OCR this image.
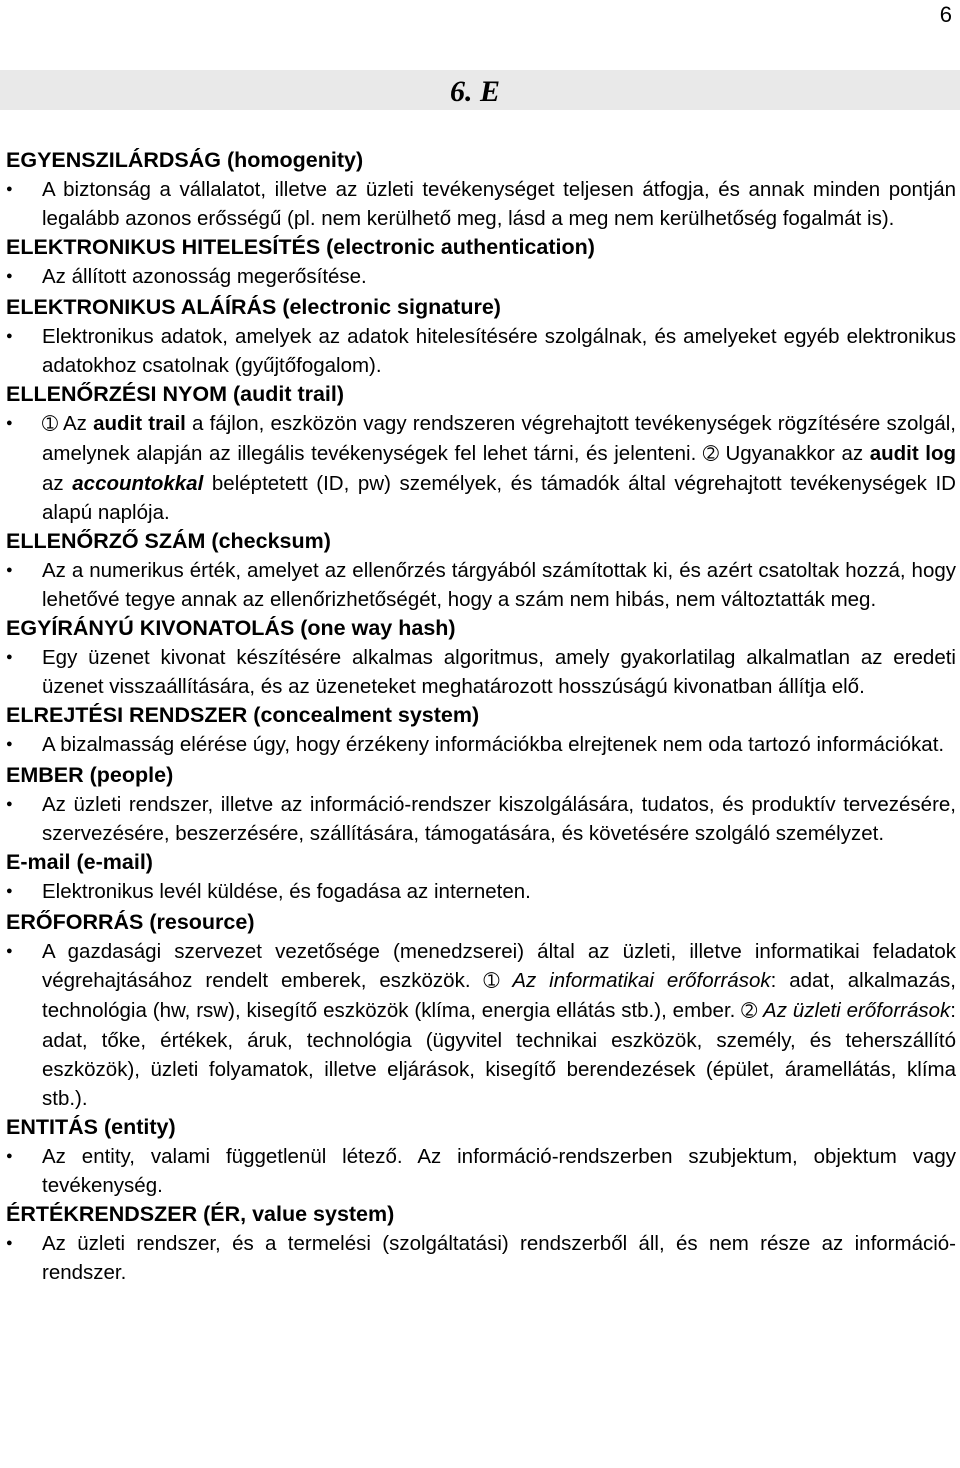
6
6. E
EGYENSZILÁRDSÁG (homogenity)
●
A biztonság a vállalatot, illetve az üzleti tevékenységet teljesen átfogja, és annak minden pontján legalább azonos erősségű (pl. nem kerülhető meg, lásd a meg nem kerülhetőség fogalmát is).
ELEKTRONIKUS HITELESÍTÉS (electronic authentication)
●
Az állított azonosság megerősítése.
ELEKTRONIKUS ALÁÍRÁS (electronic signature)
●
Elektronikus adatok, amelyek az adatok hitelesítésére szolgálnak, és amelyeket egyéb elektronikus adatokhoz csatolnak (gyűjtőfogalom).
ELLENŐRZÉSI NYOM (audit trail)
●
➀ Az audit trail a fájlon, eszközön vagy rendszeren végrehajtott tevékenységek rögzítésére szolgál, amelynek alapján az illegális tevékenységek fel lehet tárni, és jelenteni. ➁ Ugyanakkor az audit log az accountokkal beléptetett (ID, pw) személyek, és támadók által végrehajtott tevékenységek ID alapú naplója.
ELLENŐRZŐ SZÁM (checksum)
●
Az a numerikus érték, amelyet az ellenőrzés tárgyából számítottak ki, és azért csatoltak hozzá, hogy lehetővé tegye annak az ellenőrizhetőségét, hogy a szám nem hibás, nem változtatták meg.
EGYÍRÁNYÚ KIVONATOLÁS (one way hash)
●
Egy üzenet kivonat készítésére alkalmas algoritmus, amely gyakorlatilag alkalmatlan az eredeti üzenet visszaállítására, és az üzeneteket meghatározott hosszúságú kivonatban állítja elő.
ELREJTÉSI RENDSZER (concealment system)
●
A bizalmasság elérése úgy, hogy érzékeny információkba elrejtenek nem oda tartozó információkat.
EMBER (people)
●
Az üzleti rendszer, illetve az információ-rendszer kiszolgálására, tudatos, és produktív tervezésére, szervezésére, beszerzésére, szállítására, támogatására, és követésére szolgáló személyzet.
E-mail (e-mail)
●
Elektronikus levél küldése, és fogadása az interneten.
ERŐFORRÁS (resource)
●
A gazdasági szervezet vezetősége (menedzserei) által az üzleti, illetve informatikai feladatok végrehajtásához rendelt emberek, eszközök. ➀ Az informatikai erőforrások: adat, alkalmazás, technológia (hw, rsw), kisegítő eszközök (klíma, energia ellátás stb.), ember. ➁ Az üzleti erőforrások: adat, tőke, értékek, áruk, technológia (ügyvitel technikai eszközök, személy, és teherszállító eszközök), üzleti folyamatok, illetve eljárások, kisegítő berendezések (épület, áramellátás, klíma stb.).
ENTITÁS (entity)
●
Az entity, valami függetlenül létező. Az információ-rendszerben szubjektum, objektum vagy tevékenység.
ÉRTÉKRENDSZER (ÉR, value system)
●
Az üzleti rendszer, és a termelési (szolgáltatási) rendszerből áll, és nem része az információ-rendszer.
